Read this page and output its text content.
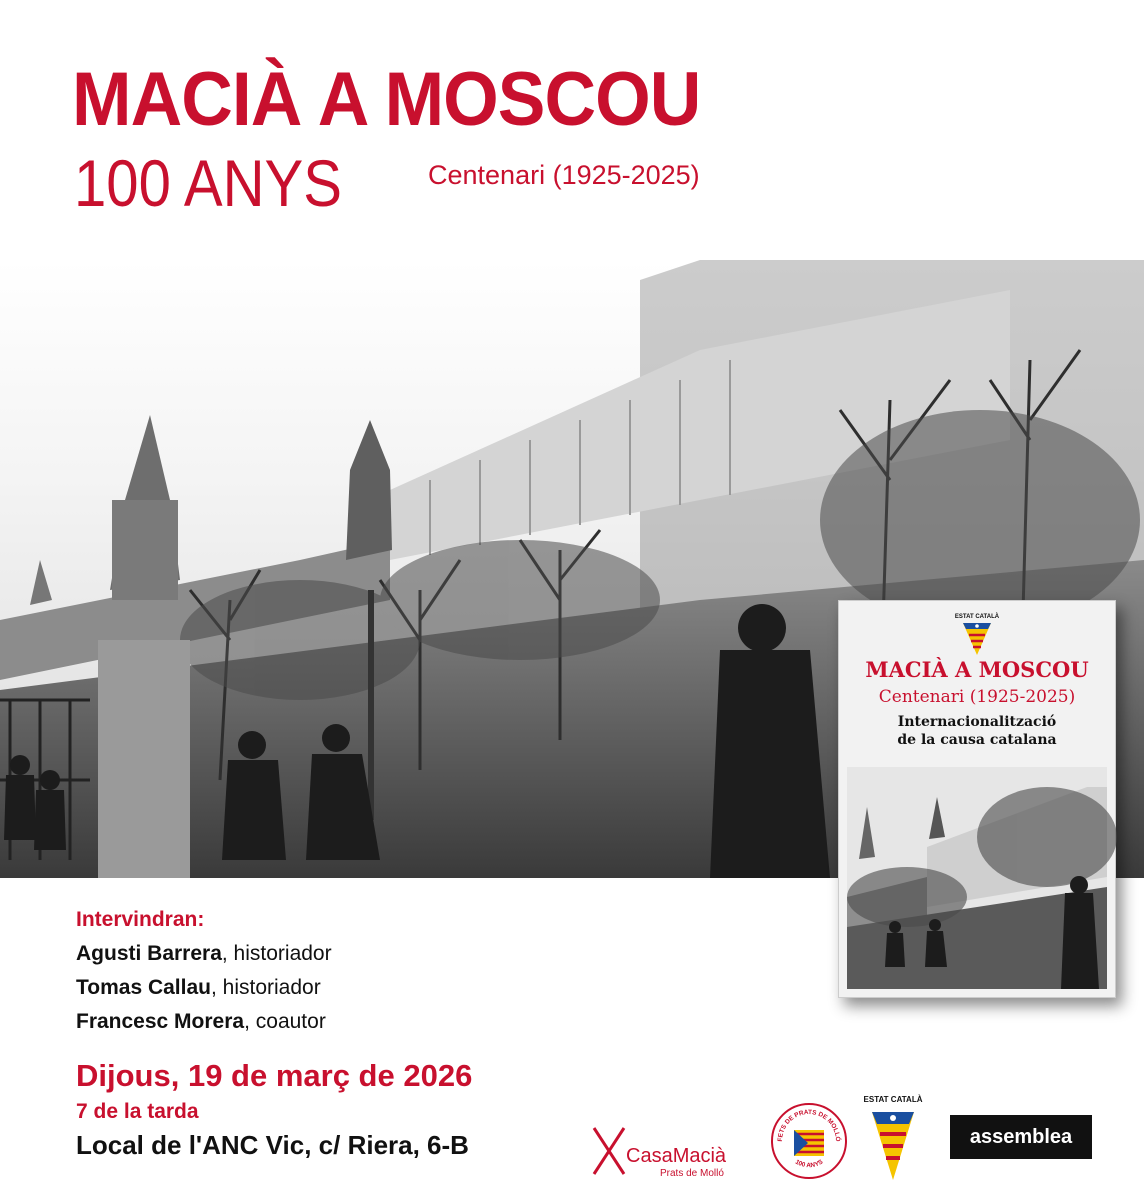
MACIÀ A MOSCOU
100 ANYS	Centenari (1925-2025)
ESTAT CATALÀ
MACIÀ A MOSCOU
Centenari (1925-2025)
Internacionalització
de la causa catalana
Intervindran:
Agusti Barrera, historiador
Tomas Callau, historiador
Francesc Morera, coautor
Dijous, 19 de març de 2026
7 de la tarda
Local de l'ANC Vic, c/ Riera, 6-B	CasaMacià
Prats de Molló
FETS DE PRATS DE MOLLÓ
100 ANYS
ESTAT CATALÀ
assemblea
